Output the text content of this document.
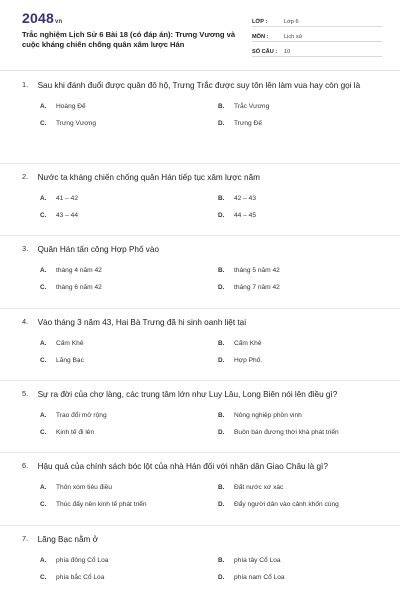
2048vn
Trắc nghiệm Lịch Sử 6 Bài 18 (có đáp án): Trưng Vương và cuộc kháng chiến chống quân xâm lược Hán
LỚP :	Lớp 6
MÔN :	Lịch sử
SỐ CÂU :	10
1.	Sau khi đánh đuổi được quân đô hộ, Trưng Trắc được suy tôn lên làm vua hay còn gọi là
A.	Hoàng Đế	B.	Trắc Vương
C.	Trưng Vương	D.	Trưng Đế
2.	Nước ta kháng chiến chống quân Hán tiếp tục xâm lược năm
A.	41 – 42	B.	42 – 43
C.	43 – 44	D.	44 – 45
3.	Quân Hán tấn công Hợp Phố vào
A.	tháng 4 năm 42	B.	tháng 5 năm 42
C.	tháng 6 năm 42	D.	tháng 7 năm 42
4.	Vào tháng 3 năm 43, Hai Bà Trưng đã hi sinh oanh liệt tại
A.	Cấm Khê	B.	Cấm Khê
C.	Lãng Bạc	D.	Hợp Phố.
5.	Sự ra đời của chợ làng, các trung tâm lớn như Luy Lâu, Long Biên nói lên điều gì?
A.	Trao đổi mở rộng	B.	Nông nghiệp phồn vinh
C.	Kinh tế đi lên	D.	Buôn bán đương thời khá phát triển
6.	Hậu quả của chính sách bóc lột của nhà Hán đối với nhân dân Giao Châu là gì?
A.	Thôn xóm tiêu điều	B.	Đất nước xơ xác
C.	Thúc đẩy nền kinh tế phát triển	D.	Đẩy người dân vào cảnh khốn cùng
7.	Lãng Bạc nằm ở
A.	phía đông Cổ Loa	B.	phía tây Cổ Loa
C.	phía bắc Cổ Loa	D.	phía nam Cổ Loa
